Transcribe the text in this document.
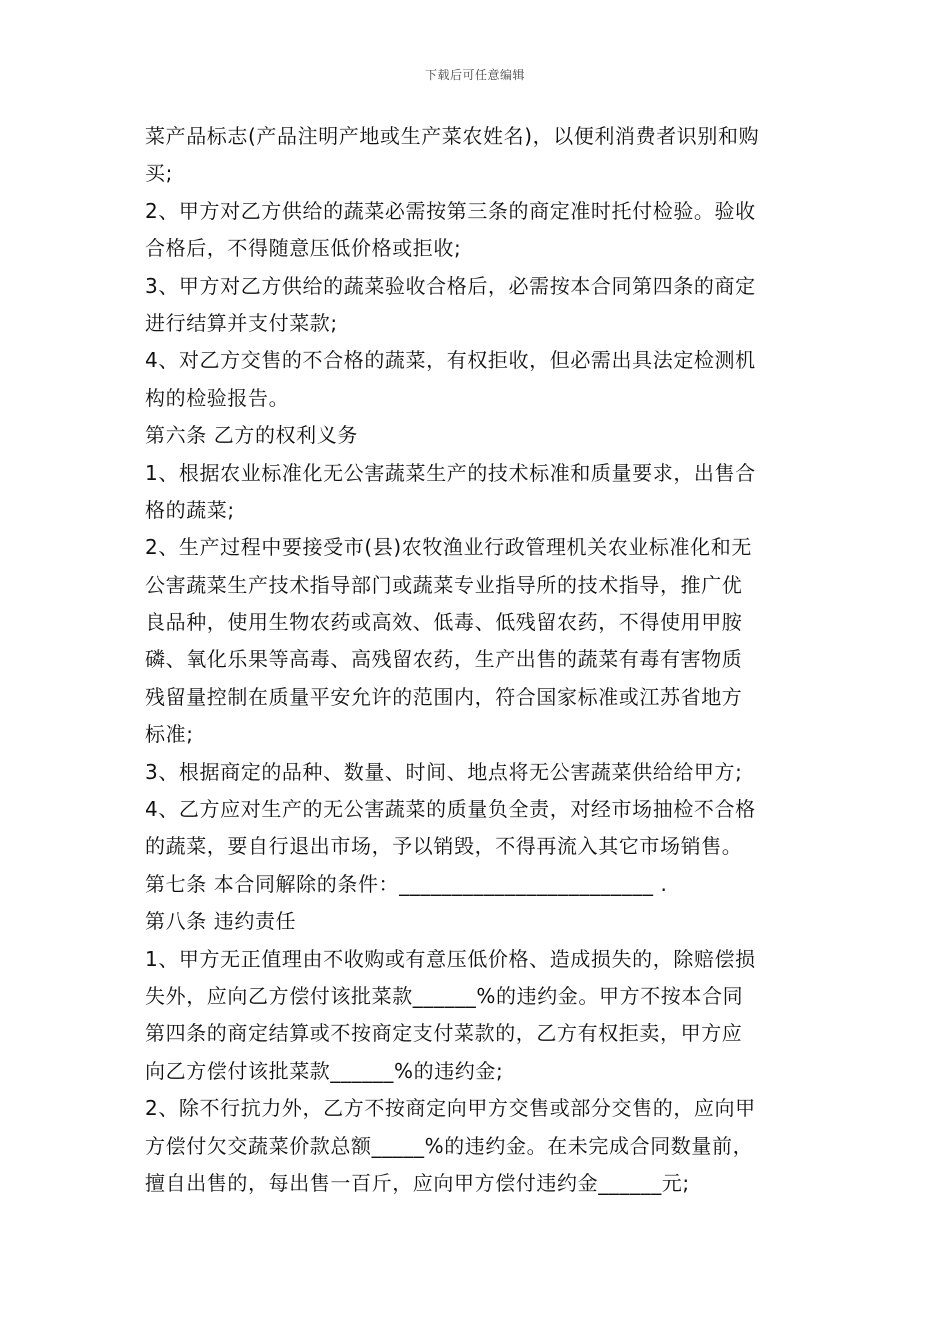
下载后可任意编辑
菜产品标志(产品注明产地或生产菜农姓名)，以便利消费者识别和购
买;
2、甲方对乙方供给的蔬菜必需按第三条的商定准时托付检验。验收
合格后，不得随意压低价格或拒收;
3、甲方对乙方供给的蔬菜验收合格后，必需按本合同第四条的商定
进行结算并支付菜款;
4、对乙方交售的不合格的蔬菜，有权拒收，但必需出具法定检测机
构的检验报告。
第六条 乙方的权利义务
1、根据农业标准化无公害蔬菜生产的技术标准和质量要求，出售合
格的蔬菜;
2、生产过程中要接受市(县)农牧渔业行政管理机关农业标准化和无
公害蔬菜生产技术指导部门或蔬菜专业指导所的技术指导，推广优
良品种，使用生物农药或高效、低毒、低残留农药，不得使用甲胺
磷、氧化乐果等高毒、高残留农药，生产出售的蔬菜有毒有害物质
残留量控制在质量平安允许的范围内，符合国家标准或江苏省地方
标准;
3、根据商定的品种、数量、时间、地点将无公害蔬菜供给给甲方;
4、乙方应对生产的无公害蔬菜的质量负全责，对经市场抽检不合格
的蔬菜，要自行退出市场，予以销毁，不得再流入其它市场销售。
第七条 本合同解除的条件：________________________ .
第八条 违约责任
1、甲方无正值理由不收购或有意压低价格、造成损失的，除赔偿损
失外，应向乙方偿付该批菜款______%的违约金。甲方不按本合同
第四条的商定结算或不按商定支付菜款的，乙方有权拒卖，甲方应
向乙方偿付该批菜款______%的违约金;
2、除不行抗力外，乙方不按商定向甲方交售或部分交售的，应向甲
方偿付欠交蔬菜价款总额_____%的违约金。在未完成合同数量前，
擅自出售的，每出售一百斤，应向甲方偿付违约金______元;
